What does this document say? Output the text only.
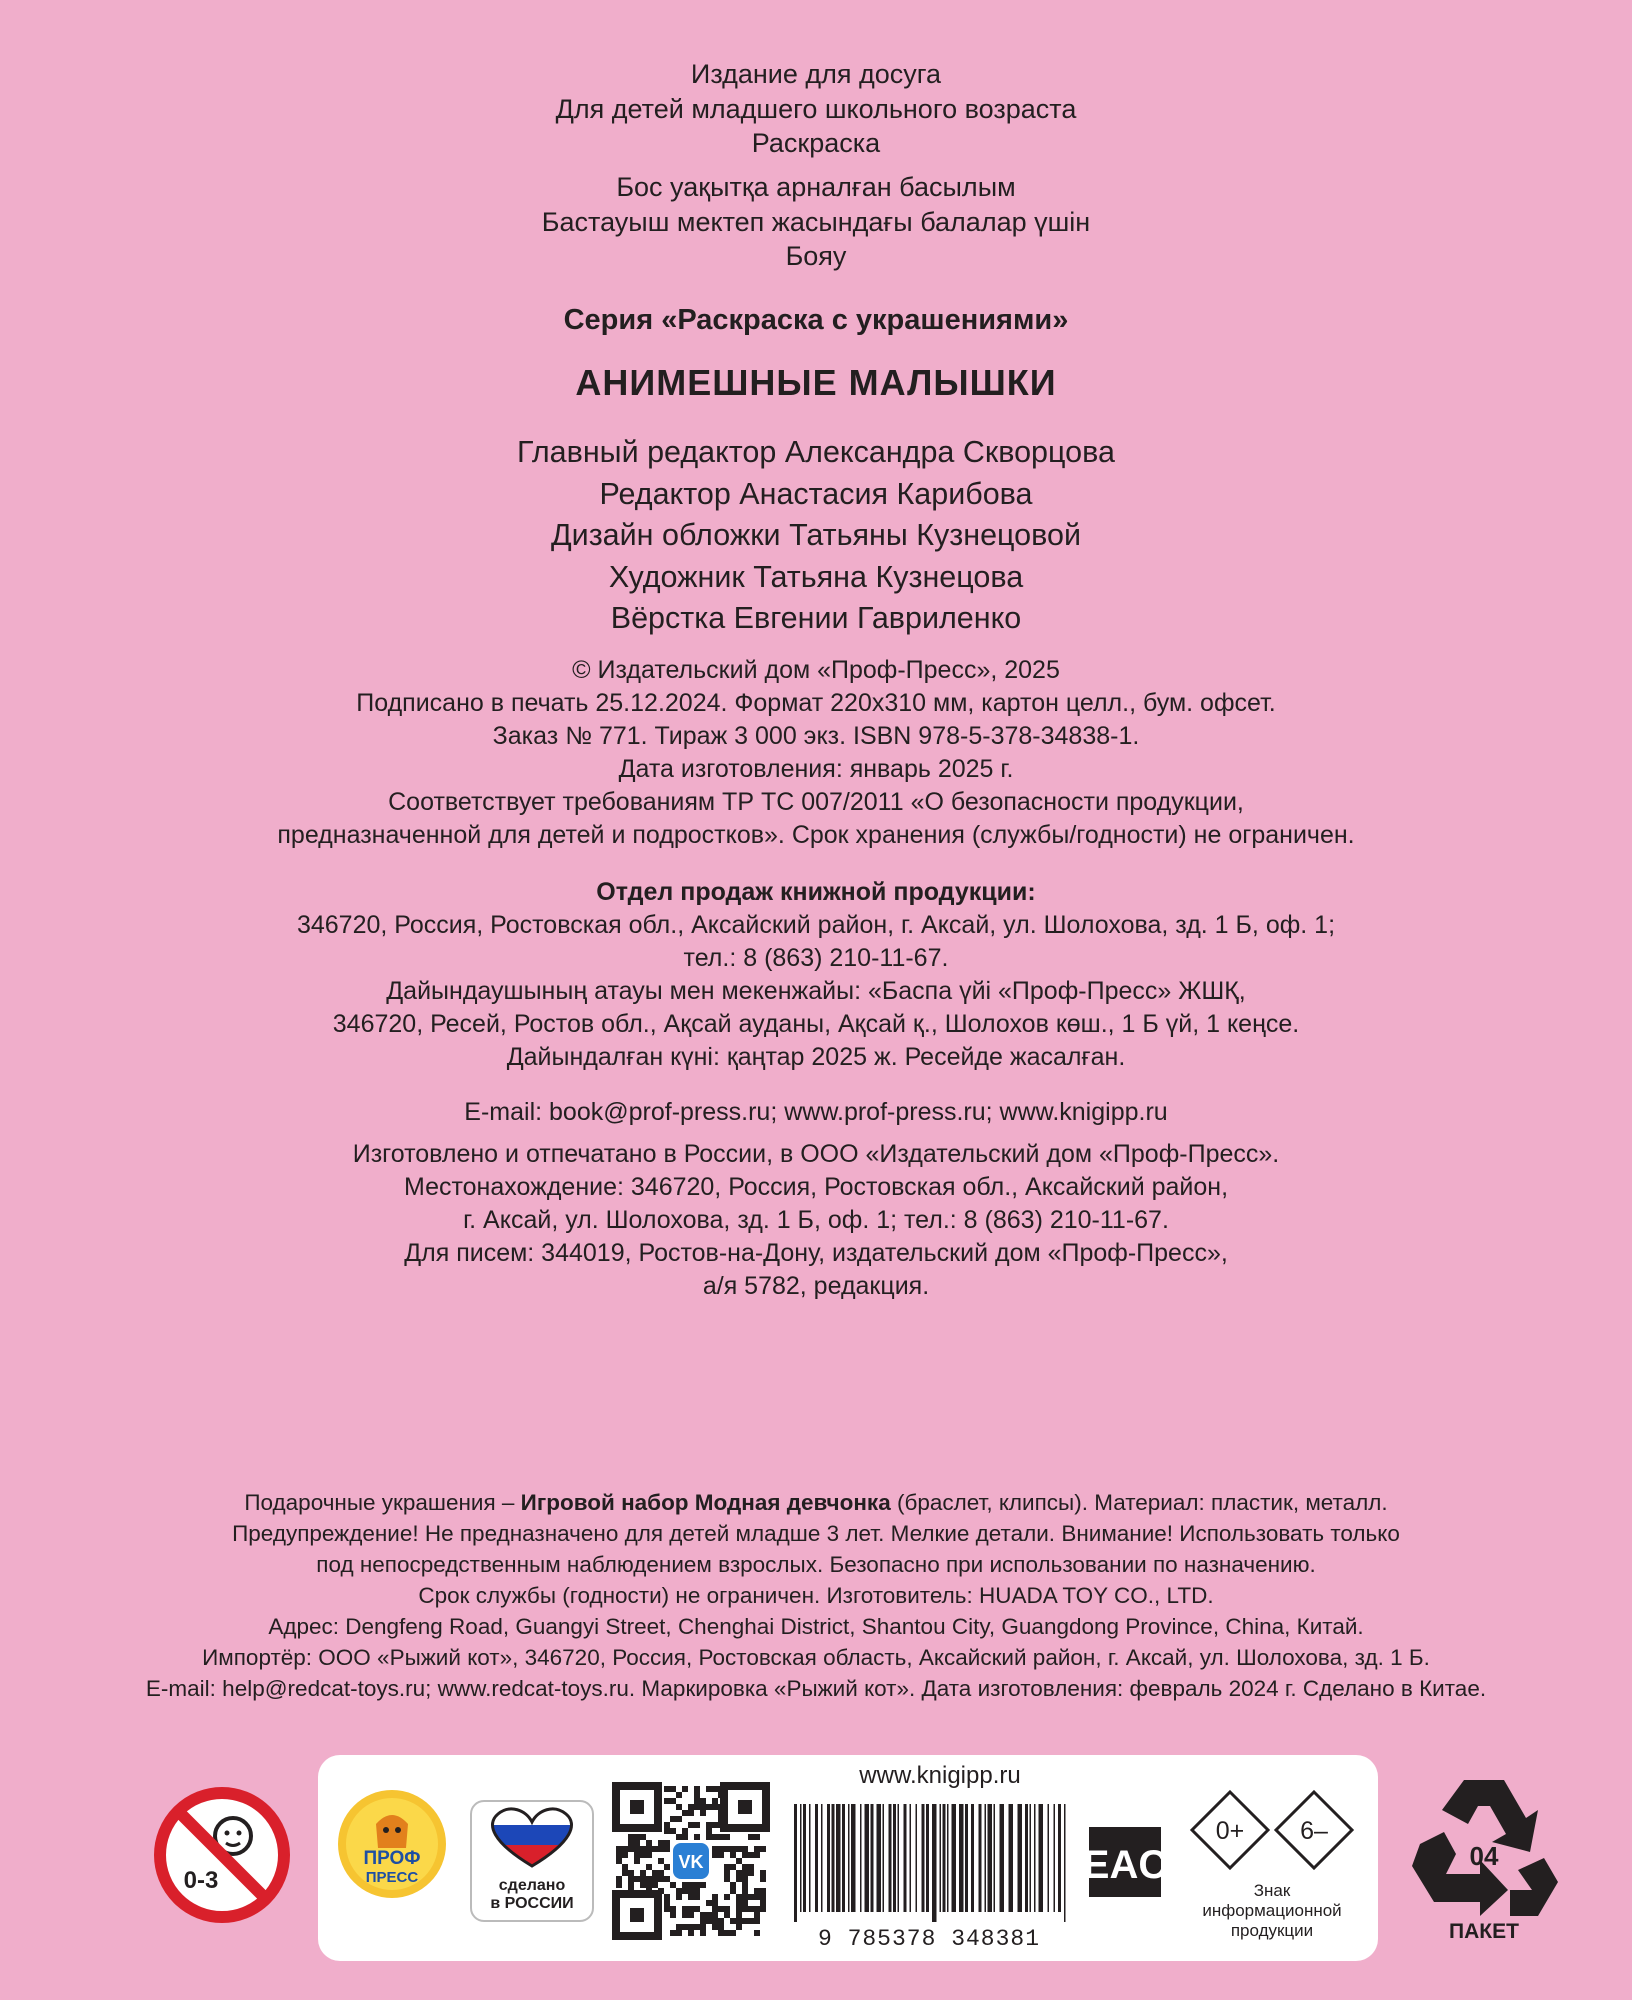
Издание для досуга
Для детей младшего школьного возраста
Раскраска
Бос уақытқа арналған басылым
Бастауыш мектеп жасындағы балалар үшін
Бояу
Серия «Раскраска с украшениями»
АНИМЕШНЫЕ МАЛЫШКИ
Главный редактор Александра Скворцова
Редактор Анастасия Карибова
Дизайн обложки Татьяны Кузнецовой
Художник Татьяна Кузнецова
Вёрстка Евгении Гавриленко
© Издательский дом «Проф-Пресс», 2025
Подписано в печать 25.12.2024. Формат 220х310 мм, картон целл., бум. офсет.
Заказ № 771. Тираж 3 000 экз. ISBN 978-5-378-34838-1.
Дата изготовления: январь 2025 г.
Соответствует требованиям ТР ТС 007/2011 «О безопасности продукции,
предназначенной для детей и подростков». Срок хранения (службы/годности) не ограничен.
Отдел продаж книжной продукции:
346720, Россия, Ростовская обл., Аксайский район, г. Аксай, ул. Шолохова, зд. 1 Б, оф. 1;
тел.: 8 (863) 210-11-67.
Дайындаушының атауы мен мекенжайы: «Баспа үйі «Проф-Пресс» ЖШҚ,
346720, Ресей, Ростов обл., Ақсай ауданы, Ақсай қ., Шолохов көш., 1 Б үй, 1 кеңсе.
Дайындалған күні: қаңтар 2025 ж. Ресейде жасалған.
E-mail: book@prof-press.ru; www.prof-press.ru; www.knigipp.ru
Изготовлено и отпечатано в России, в ООО «Издательский дом «Проф-Пресс».
Местонахождение: 346720, Россия, Ростовская обл., Аксайский район,
г. Аксай, ул. Шолохова, зд. 1 Б, оф. 1; тел.: 8 (863) 210-11-67.
Для писем: 344019, Ростов-на-Дону, издательский дом «Проф-Пресс»,
а/я 5782, редакция.
Подарочные украшения – Игровой набор Модная девчонка (браслет, клипсы). Материал: пластик, металл.
Предупреждение! Не предназначено для детей младше 3 лет. Мелкие детали. Внимание! Использовать только
под непосредственным наблюдением взрослых. Безопасно при использовании по назначению.
Срок службы (годности) не ограничен. Изготовитель: HUADA TOY CO., LTD.
Адрес: Dengfeng Road, Guangyi Street, Chenghai District, Shantou City, Guangdong Province, China, Китай.
Импортёр: ООО «Рыжий кот», 346720, Россия, Ростовская область, Аксайский район, г. Аксай, ул. Шолохова, зд. 1 Б.
E-mail: help@redcat-toys.ru; www.redcat-toys.ru. Маркировка «Рыжий кот». Дата изготовления: февраль 2024 г. Сделано в Китае.
0-3
ПРОФ
ПРЕСС	сделано
в РОССИИ
VK
www.knigipp.ru
9 785378 348381
EAC
0+ 6–
Знак
информационной
продукции
04
ПАКЕТ
